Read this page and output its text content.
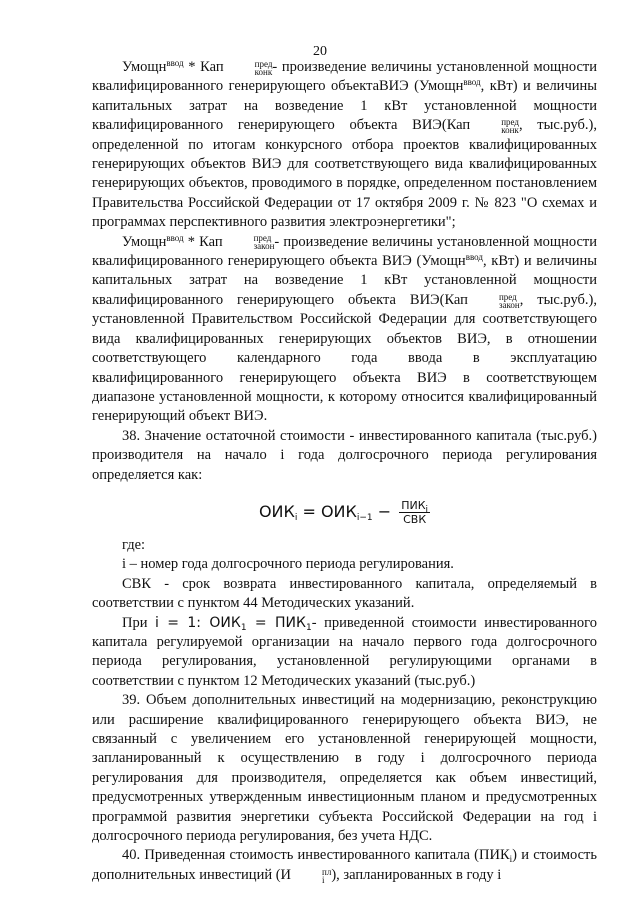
20

Умощн$^{ввод}$ * Кап	пред
конк - произведение величины установленной мощности квалифицированного генерирующего объектаВИЭ (Умощн$^{ввод}$, кВт) и величины капитальных затрат на возведение 1 кВт установленной мощности квалифицированного генерирующего объекта ВИЭ(Кап	пред
конк , тыс.руб.), определенной по итогам конкурсного отбора проектов квалифицированных генерирующих объектов ВИЭ для соответствующего вида квалифицированных генерирующих объектов, проводимого в порядке, определенном постановлением Правительства Российской Федерации от 17 октября 2009 г. № 823 "О схемах и программах перспективного развития электроэнергетики";

Умощн$^{ввод}$ * Кап	пред
закон - произведение величины установленной мощности квалифицированного генерирующего объекта ВИЭ (Умощн$^{ввод}$, кВт) и величины капитальных затрат на возведение 1 кВт установленной мощности квалифицированного генерирующего объекта ВИЭ(Кап	пред
закон , тыс.руб.), установленной Правительством Российской Федерации для соответствующего вида квалифицированных генерирующих объектов ВИЭ, в отношении соответствующего календарного года ввода в эксплуатацию квалифицированного генерирующего объекта ВИЭ в соответствующем диапазоне установленной мощности, к которому относится квалифицированный генерирующий объект ВИЭ.

38. Значение остаточной стоимости - инвестированного капитала (тыс.руб.) производителя на начало i года долгосрочного периода регулирования определяется как:

$ОИК_i = ОИК_{i-1} - \frac{ПИК_i}{\text{СВК}}$

где:

i – номер года долгосрочного периода регулирования.

СВК - срок возврата инвестированного капитала, определяемый в соответствии с пунктом 44 Методических указаний.

При i = 1: $ОИК_1 = ПИК_1-$ приведенной стоимости инвестированного капитала регулируемой организации на начало первого года долгосрочного периода регулирования, установленной регулирующими органами в соответствии с пунктом 12 Методических указаний (тыс.руб.)

39. Объем дополнительных инвестиций на модернизацию, реконструкцию или расширение квалифицированного генерирующего объекта ВИЭ, не связанный с увеличением его установленной генерирующей мощности, запланированный к осуществлению в году i долгосрочного периода регулирования для производителя, определяется как объем инвестиций, предусмотренных утвержденным инвестиционным планом и предусмотренных программой развития энергетики субъекта Российской Федерации на год i долгосрочного периода регулирования, без учета НДС.

40. Приведенная стоимость инвестированного капитала $(ПИК_i)$ и стоимость дополнительных инвестиций (И	пл
i ), запланированных в году i
